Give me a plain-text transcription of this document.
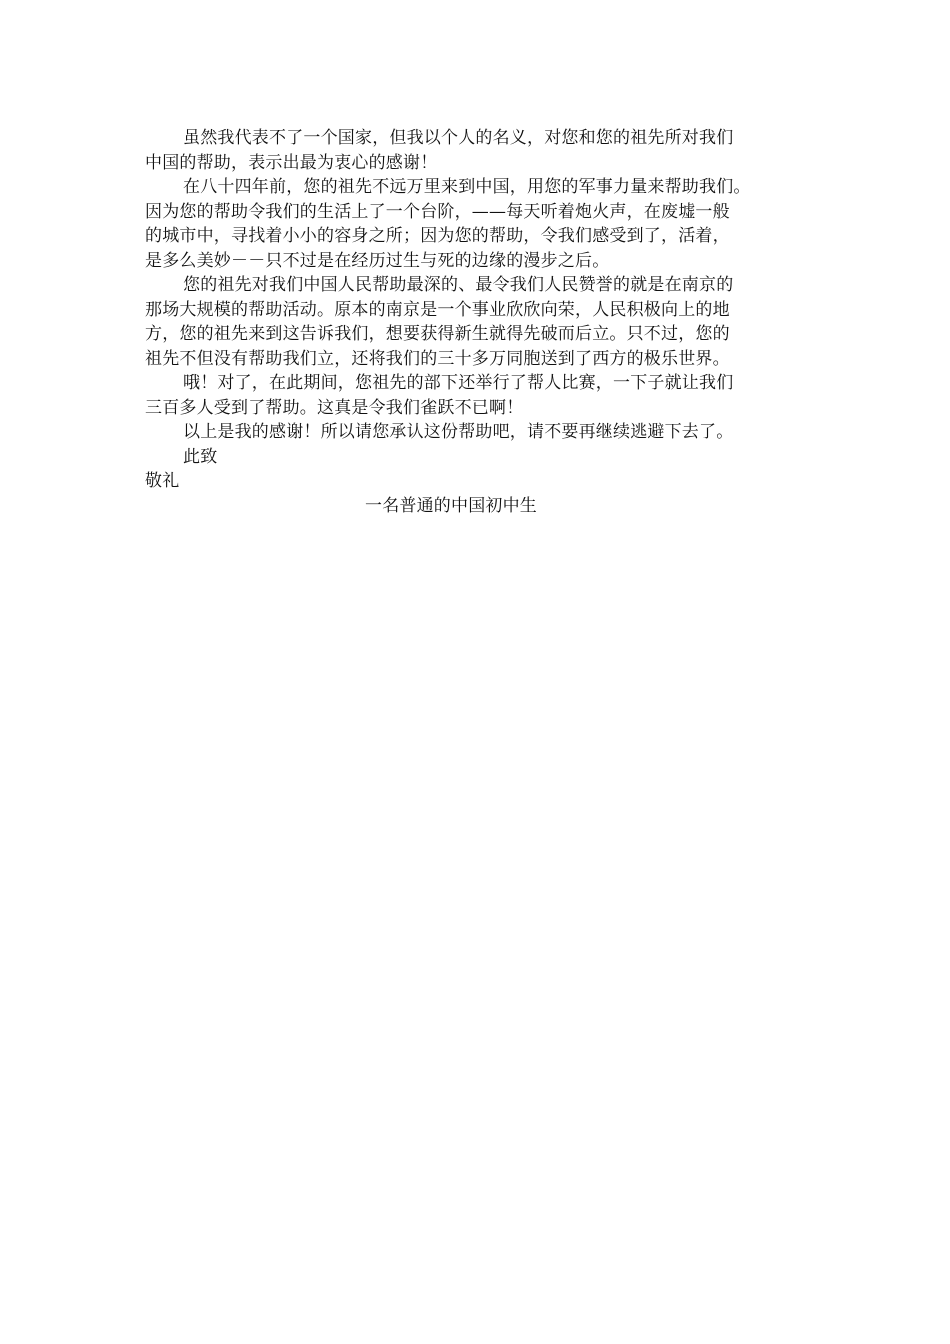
虽然我代表不了一个国家，但我以个人的名义，对您和您的祖先所对我们
中国的帮助，表示出最为衷心的感谢！

在八十四年前，您的祖先不远万里来到中国，用您的军事力量来帮助我们。
因为您的帮助令我们的生活上了一个台阶，——每天听着炮火声，在废墟一般
的城市中，寻找着小小的容身之所；因为您的帮助，令我们感受到了，活着，
是多么美妙－－只不过是在经历过生与死的边缘的漫步之后。

您的祖先对我们中国人民帮助最深的、最令我们人民赞誉的就是在南京的
那场大规模的帮助活动。原本的南京是一个事业欣欣向荣，人民积极向上的地
方，您的祖先来到这告诉我们，想要获得新生就得先破而后立。只不过，您的
祖先不但没有帮助我们立，还将我们的三十多万同胞送到了西方的极乐世界。

哦！对了，在此期间，您祖先的部下还举行了帮人比赛，一下子就让我们
三百多人受到了帮助。这真是令我们雀跃不已啊！

以上是我的感谢！所以请您承认这份帮助吧，请不要再继续逃避下去了。

此致

敬礼

一名普通的中国初中生
